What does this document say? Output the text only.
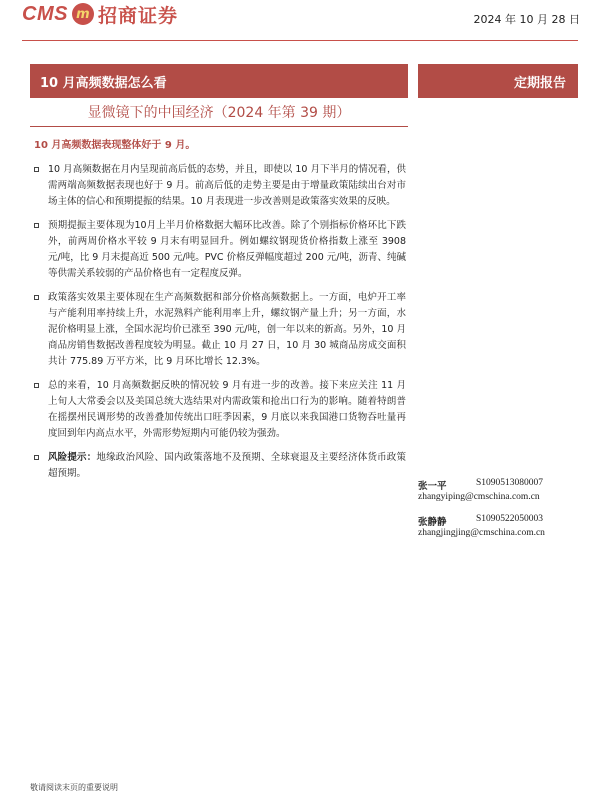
CMS m 招商证券	2024 年 10 月 28 日
10 月高频数据怎么看	定期报告
显微镜下的中国经济（2024 年第 39 期）
10 月高频数据表现整体好于 9 月。
10 月高频数据在月内呈现前高后低的态势，并且，即使以 10 月下半月的情况看，供需两端高频数据表现也好于 9 月。前高后低的走势主要是由于增量政策陆续出台对市场主体的信心和预期提振的结果。10 月表现进一步改善则是政策落实效果的反映。
预期提振主要体现为10月上半月价格数据大幅环比改善。除了个别指标价格环比下跌外，前两周价格水平较 9 月末有明显回升。例如螺纹钢现货价格指数上涨至 3908 元/吨，比 9 月末提高近 500 元/吨。PVC 价格反弹幅度超过 200 元/吨，沥青、纯碱等供需关系较弱的产品价格也有一定程度反弹。
政策落实效果主要体现在生产高频数据和部分价格高频数据上。一方面，电炉开工率与产能利用率持续上升，水泥熟料产能利用率上升，螺纹钢产量上升；另一方面，水泥价格明显上涨，全国水泥均价已涨至 390 元/吨，创一年以来的新高。另外，10 月商品房销售数据改善程度较为明显。截止 10 月 27 日，10 月 30 城商品房成交面积共计 775.89 万平方米，比 9 月环比增长 12.3%。
总的来看，10 月高频数据反映的情况较 9 月有进一步的改善。接下来应关注 11 月上旬人大常委会以及美国总统大选结果对内需政策和抢出口行为的影响。随着特朗普在摇摆州民调形势的改善叠加传统出口旺季因素，9 月底以来我国港口货物吞吐量再度回到年内高点水平，外需形势短期内可能仍较为强劲。
风险提示：地缘政治风险、国内政策落地不及预期、全球衰退及主要经济体货币政策超预期。
张一平	S1090513080007
zhangyiping@cmschina.com.cn
张静静	S1090522050003
zhangjingjing@cmschina.com.cn
敬请阅读末页的重要说明
